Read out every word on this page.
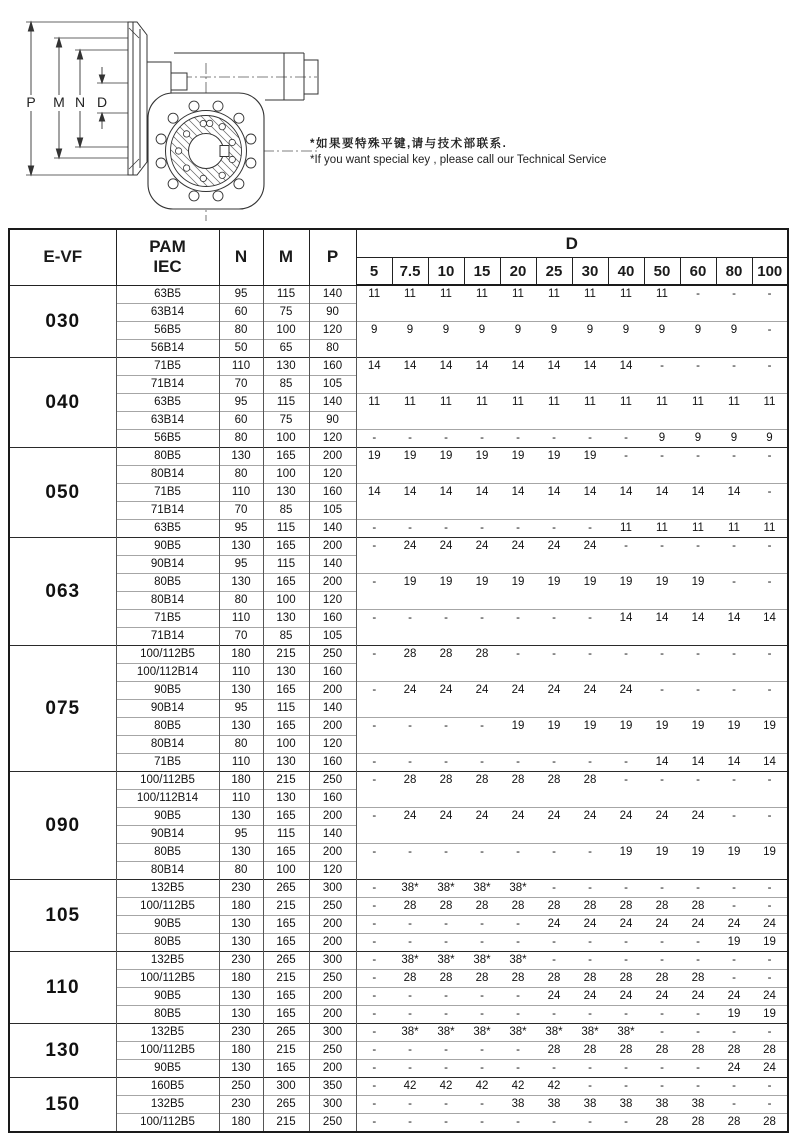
P M N D
*如果要特殊平键,请与技术部联系.
*If you want special key , please call our Technical Service
E-VF	PAM
IEC	N	M	P	D											
					5	7.5	10	15	20	25	30	40	50	60	80	100
030	63B5	95	115	140	11	11	11	11	11	11	11	11	11	-	-	-
	63B14	60	75	90												
	56B5	80	100	120	9	9	9	9	9	9	9	9	9	9	9	-
	56B14	50	65	80												
040	71B5	110	130	160	14	14	14	14	14	14	14	14	-	-	-	-
	71B14	70	85	105												
	63B5	95	115	140	11	11	11	11	11	11	11	11	11	11	11	11
	63B14	60	75	90												
	56B5	80	100	120	-	-	-	-	-	-	-	-	9	9	9	9
050	80B5	130	165	200	19	19	19	19	19	19	19	-	-	-	-	-
	80B14	80	100	120												
	71B5	110	130	160	14	14	14	14	14	14	14	14	14	14	14	-
	71B14	70	85	105												
	63B5	95	115	140	-	-	-	-	-	-	-	11	11	11	11	11
063	90B5	130	165	200	-	24	24	24	24	24	24	-	-	-	-	-
	90B14	95	115	140												
	80B5	130	165	200	-	19	19	19	19	19	19	19	19	19	-	-
	80B14	80	100	120												
	71B5	110	130	160	-	-	-	-	-	-	-	14	14	14	14	14
	71B14	70	85	105												
075	100/112B5	180	215	250	-	28	28	28	-	-	-	-	-	-	-	-
	100/112B14	110	130	160												
	90B5	130	165	200	-	24	24	24	24	24	24	24	-	-	-	-
	90B14	95	115	140												
	80B5	130	165	200	-	-	-	-	19	19	19	19	19	19	19	19
	80B14	80	100	120												
	71B5	110	130	160	-	-	-	-	-	-	-	-	14	14	14	14
090	100/112B5	180	215	250	-	28	28	28	28	28	28	-	-	-	-	-
	100/112B14	110	130	160												
	90B5	130	165	200	-	24	24	24	24	24	24	24	24	24	-	-
	90B14	95	115	140												
	80B5	130	165	200	-	-	-	-	-	-	-	19	19	19	19	19
	80B14	80	100	120												
105	132B5	230	265	300	-	38*	38*	38*	38*	-	-	-	-	-	-	-
	100/112B5	180	215	250	-	28	28	28	28	28	28	28	28	28	-	-
	90B5	130	165	200	-	-	-	-	-	24	24	24	24	24	24	24
	80B5	130	165	200	-	-	-	-	-	-	-	-	-	-	19	19
110	132B5	230	265	300	-	38*	38*	38*	38*	-	-	-	-	-	-	-
	100/112B5	180	215	250	-	28	28	28	28	28	28	28	28	28	-	-
	90B5	130	165	200	-	-	-	-	-	24	24	24	24	24	24	24
	80B5	130	165	200	-	-	-	-	-	-	-	-	-	-	19	19
130	132B5	230	265	300	-	38*	38*	38*	38*	38*	38*	38*	-	-	-	-
	100/112B5	180	215	250	-	-	-	-	-	28	28	28	28	28	28	28
	90B5	130	165	200	-	-	-	-	-	-	-	-	-	-	24	24
150	160B5	250	300	350	-	42	42	42	42	42	-	-	-	-	-	-
	132B5	230	265	300	-	-	-	-	38	38	38	38	38	38	-	-
	100/112B5	180	215	250	-	-	-	-	-	-	-	-	28	28	28	28
